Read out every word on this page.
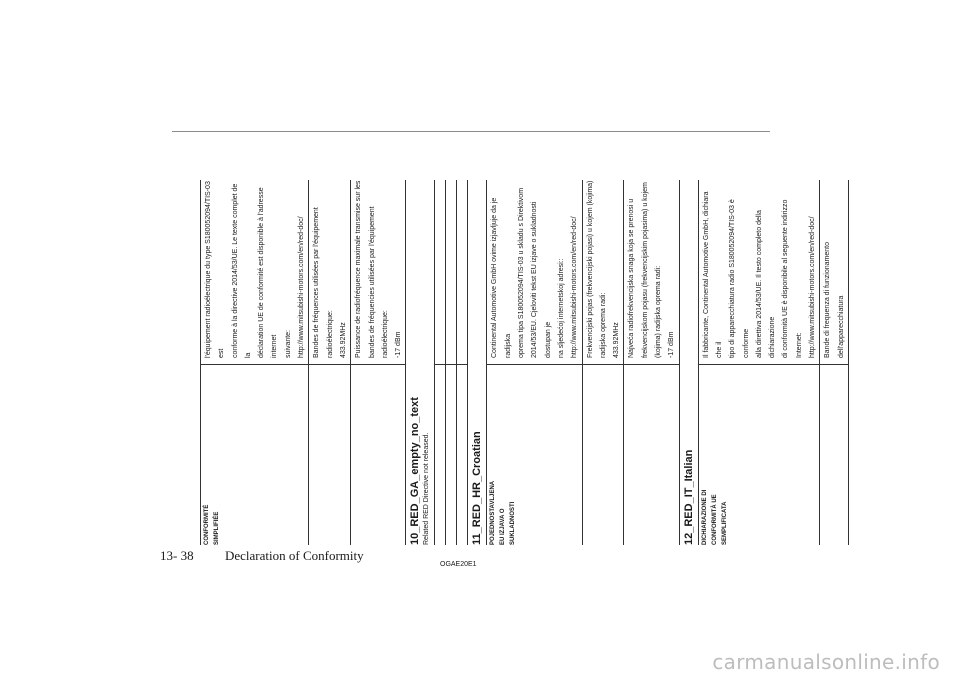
CONFORMITÉ SIMPLIFIÉE

l'équipement radioélectrique du type S180052094/TIS-03 est conforme à la directive 2014/53/UE. Le texte complet de la déclaration UE de conformité est disponible à l'adresse internet suivante: http://www.mitsubishi-motors.com/en/red-doc/	Bandes de fréquences utilisées par l'équipement radioélectrique: 433.92MHz	Puissance de radiofréquence maximale transmise sur les bandes de fréquencies utilisées par l'équipement radioélectrique: -17 dBm

10_RED_GA_empty_no_text Related RED Directive not released.	11_RED_HR_Croatian	POJEDNOSTAVLJENA EU IZJAVA O SUKLADNOSTI

Continental Automotive GmbH ovime izjavljuje da je radijska oprema tipa S180052094/TIS-03 u skladu s Direktivom 2014/53/EU. Cjeloviti tekst EU izjave o sukladnosti dostupan je na sljedećoj internetskoj adresi:: http://www.mitsubishi-motors.com/en/red-doc/	Frekvencijski pojas (frekvencijski pojasi) u kojem (kojima) radijska oprema radi: 433.92MHz	Najveća radiofrekvencijska snaga koja se prenosi u frekvencijskom pojasu (frekvencijskim pojasima) u kojem (kojima) radijska oprema radi: -17 dBm

12_RED_IT_Italian	DICHIARAZIONE DI CONFORMITÀ UE SEMPLIFICATA

Il fabbricante, Continental Automotive GmbH, dichiara che il tipo di apparecchiatura radio S180052094/TIS-03 è conforme alla direttiva 2014/53/UE. Il testo completo della dichiarazione di conformità UE è disponibile al seguente indirizzo Internet: http://www.mitsubishi-motors.com/en/red-doc/	Bande di frequenza di funzionamento dell'apparecchiatura

13- 38	Declaration of Conformity
OGAE20E1
carmanualsonline.info
